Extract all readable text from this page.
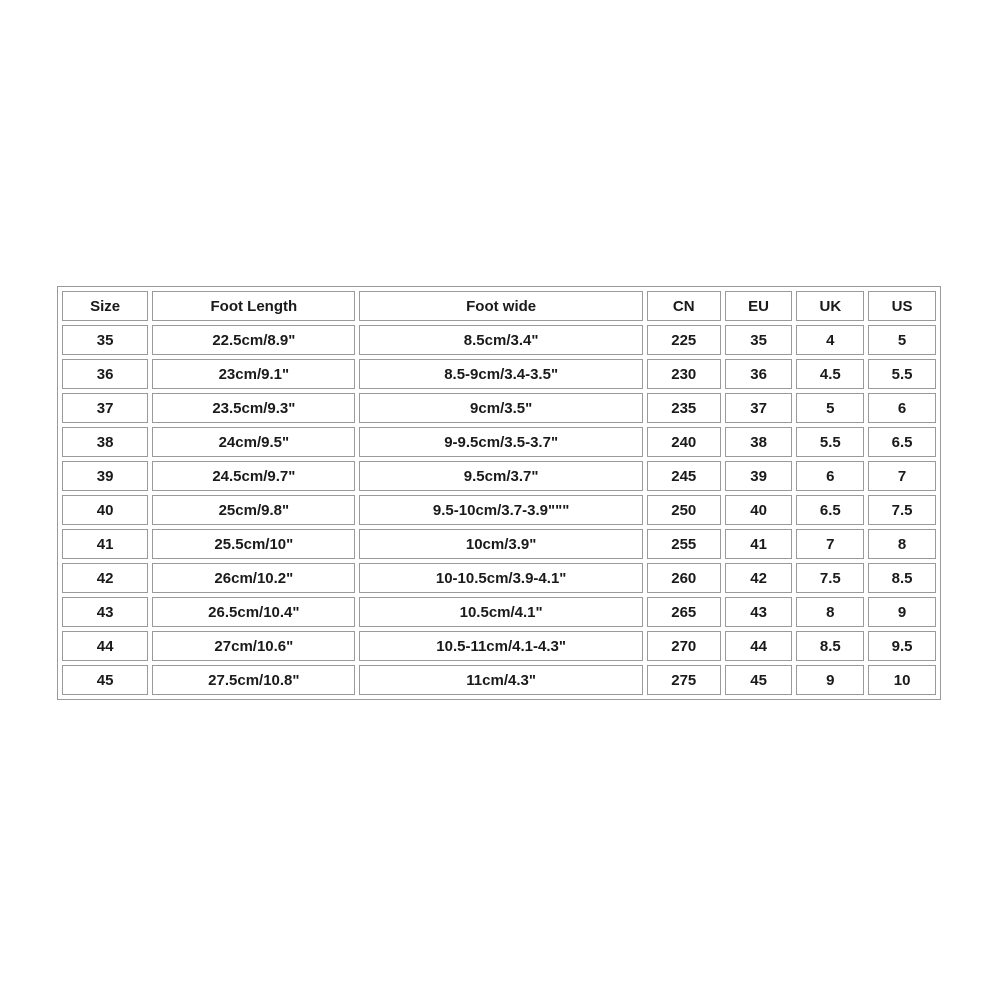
Size	Foot Length	Foot wide	CN	EU	UK	US
35	22.5cm/8.9"	8.5cm/3.4"	225	35	4	5
36	23cm/9.1"	8.5-9cm/3.4-3.5"	230	36	4.5	5.5
37	23.5cm/9.3"	9cm/3.5"	235	37	5	6
38	24cm/9.5"	9-9.5cm/3.5-3.7"	240	38	5.5	6.5
39	24.5cm/9.7"	9.5cm/3.7"	245	39	6	7
40	25cm/9.8"	9.5-10cm/3.7-3.9"""	250	40	6.5	7.5
41	25.5cm/10"	10cm/3.9"	255	41	7	8
42	26cm/10.2"	10-10.5cm/3.9-4.1"	260	42	7.5	8.5
43	26.5cm/10.4"	10.5cm/4.1"	265	43	8	9
44	27cm/10.6"	10.5-11cm/4.1-4.3"	270	44	8.5	9.5
45	27.5cm/10.8"	11cm/4.3"	275	45	9	10
